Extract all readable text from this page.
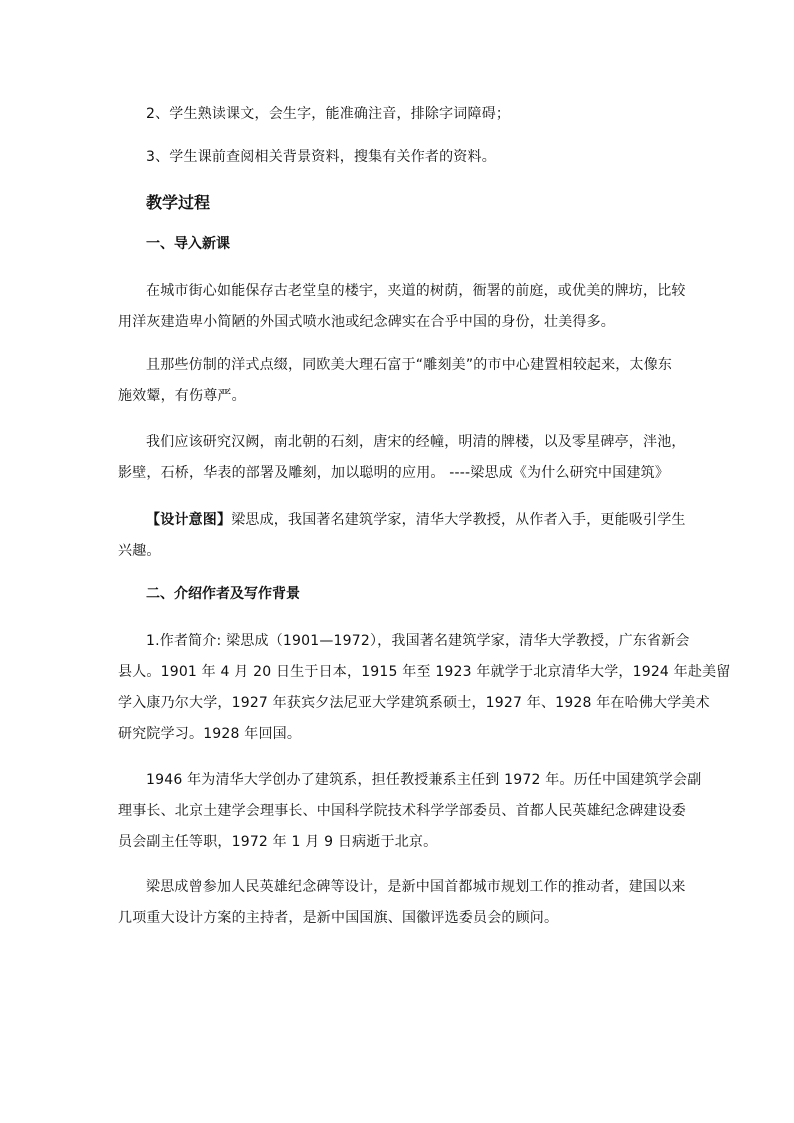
2、学生熟读课文，会生字，能准确注音，排除字词障碍；

3、学生课前查阅相关背景资料，搜集有关作者的资料。

教学过程
一、导入新课

在城市街心如能保存古老堂皇的楼宇，夹道的树荫，衙署的前庭，或优美的牌坊，比较
用洋灰建造卑小简陋的外国式喷水池或纪念碑实在合乎中国的身份，壮美得多。

且那些仿制的洋式点缀，同欧美大理石富于“雕刻美”的市中心建置相较起来，太像东
施效颦，有伤尊严。

我们应该研究汉阙，南北朝的石刻，唐宋的经幢，明清的牌楼，以及零星碑亭，泮池，
影壁，石桥，华表的部署及雕刻，加以聪明的应用。 ----梁思成《为什么研究中国建筑》

【设计意图】梁思成，我国著名建筑学家，清华大学教授，从作者入手，更能吸引学生
兴趣。

二、介绍作者及写作背景

1.作者简介: 梁思成（1901—1972），我国著名建筑学家，清华大学教授，广东省新会
县人。1901 年 4 月 20 日生于日本，1915 年至 1923 年就学于北京清华大学，1924 年赴美留
学入康乃尔大学，1927 年获宾夕法尼亚大学建筑系硕士，1927 年、1928 年在哈佛大学美术
研究院学习。1928 年回国。

1946 年为清华大学创办了建筑系，担任教授兼系主任到 1972 年。历任中国建筑学会副
理事长、北京土建学会理事长、中国科学院技术科学学部委员、首都人民英雄纪念碑建设委
员会副主任等职，1972 年 1 月 9 日病逝于北京。

梁思成曾参加人民英雄纪念碑等设计，是新中国首都城市规划工作的推动者，建国以来
几项重大设计方案的主持者，是新中国国旗、国徽评选委员会的顾问。
